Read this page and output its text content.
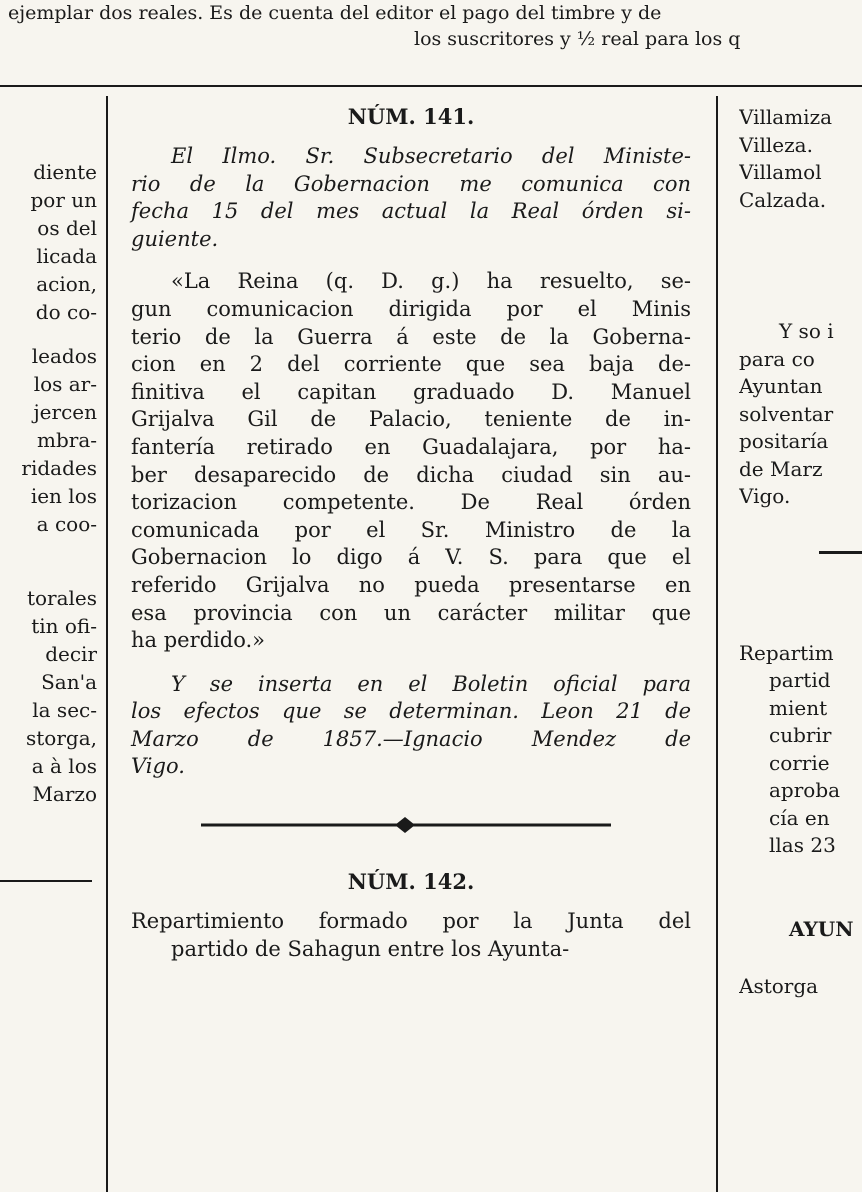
ejemplar dos reales. Es de cuenta del editor el pago del timbre y de

los suscritores y ½ real para los q

diente

por un

os del

licada

acion,

do co-

leados

los ar-

jercen

mbra-

ridades

ien los

a coo-

torales

tin ofi-

decir

San'a

la sec-

storga,

a à los

Marzo

NÚM. 141.

El Ilmo. Sr. Subsecretario del Ministe-

rio de la Gobernacion me comunica con

fecha 15 del mes actual la Real órden si-

guiente.

«La Reina (q. D. g.) ha resuelto, se-

gun comunicacion dirigida por el Minis

terio de la Guerra á este de la Goberna-

cion en 2 del corriente que sea baja de-

finitiva el capitan graduado D. Manuel

Grijalva Gil de Palacio, teniente de in-

fantería retirado en Guadalajara, por ha-

ber desaparecido de dicha ciudad sin au-

torizacion competente. De Real órden

comunicada por el Sr. Ministro de la

Gobernacion lo digo á V. S. para que el

referido Grijalva no pueda presentarse en

esa provincia con un carácter militar que

ha perdido.»

Y se inserta en el Boletin oficial para

los efectos que se determinan. Leon 21 de

Marzo de 1857.—Ignacio Mendez de

Vigo.

NÚM. 142.

Repartimiento formado por la Junta del

partido de Sahagun entre los Ayunta-

Villamiza

Villeza.

Villamol

Calzada.

Y so i

para co

Ayuntan

solventar

positaría

de Marz

Vigo.

Repartim

partid

mient

cubrir

corrie

aproba

cía en

llas 23

AYUN

Astorga
